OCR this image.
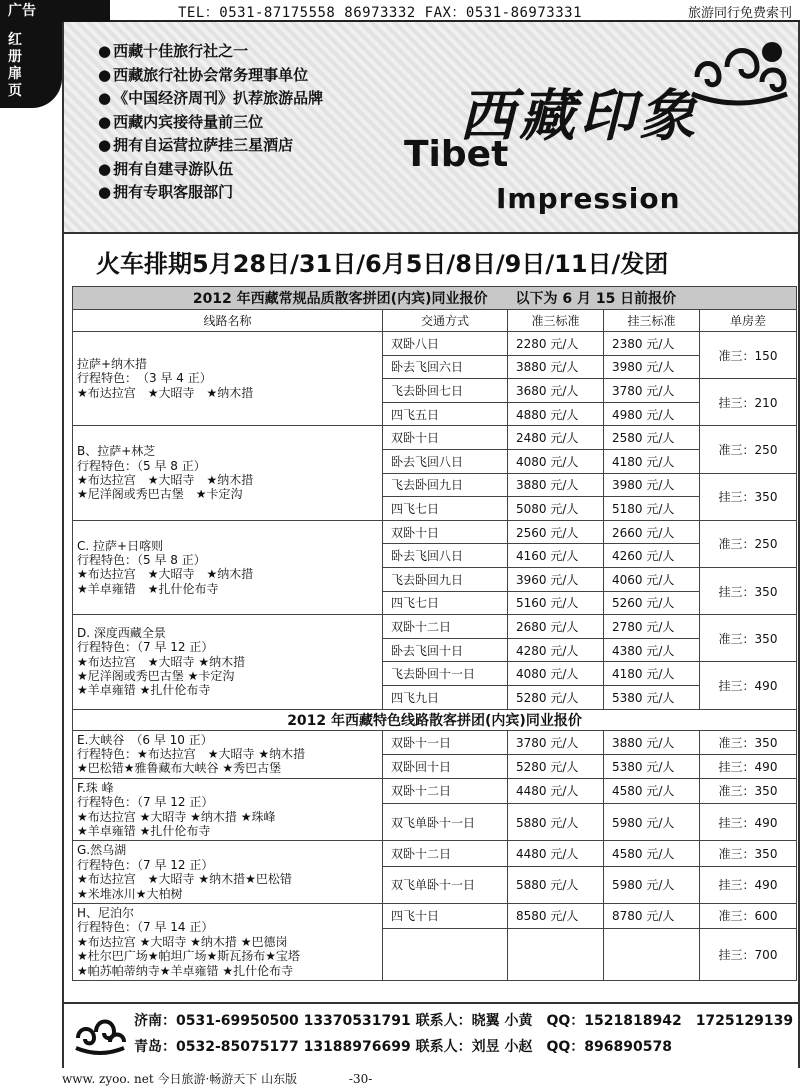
广告	TEL：0531-87175558 86973332 FAX：0531-86973331	旅游同行免费索刊
红册扉页
● 西藏十佳旅行社之一
● 西藏旅行社协会常务理事单位
● 《中国经济周刊》扒荐旅游品牌
● 西藏内宾接待量前三位
● 拥有自运营拉萨挂三星酒店
● 拥有自建寻游队伍
● 拥有专职客服部门
西藏印象
Tibet
Impression
火车排期5月28日/31日/6月5日/8日/9日/11日/发团
2012 年西藏常规品质散客拼团(内宾)同业报价　　以下为 6 月 15 日前报价				
线路名称	交通方式	准三标准	挂三标准	单房差

拉萨+纳木措
行程特色：　（3 早 4 正）
★布达拉宫　★大昭寺　★纳木措	双卧八日	2280 元/人	2380 元/人	准三：150
	卧去飞回六日	3880 元/人	3980 元/人	
	飞去卧回七日	3680 元/人	3780 元/人	挂三：210
	四飞五日	4880 元/人	4980 元/人	

B、拉萨+林芝
行程特色：（5 早 8 正）
★布达拉宫　★大昭寺　★纳木措
★尼洋阁或秀巴古堡　★卡定沟	双卧十日	2480 元/人	2580 元/人	准三：250
	卧去飞回八日	4080 元/人	4180 元/人	
	飞去卧回九日	3880 元/人	3980 元/人	挂三：350
	四飞七日	5080 元/人	5180 元/人	

C. 拉萨+日喀则
行程特色：（5 早 8 正）
★布达拉宫　★大昭寺　★纳木措
★羊卓雍错　★扎什伦布寺	双卧十日	2560 元/人	2660 元/人	准三：250
	卧去飞回八日	4160 元/人	4260 元/人	
	飞去卧回九日	3960 元/人	4060 元/人	挂三：350
	四飞七日	5160 元/人	5260 元/人	

D. 深度西藏全景
行程特色：（7 早 12 正）
★布达拉宫　★大昭寺 ★纳木措
★尼洋阁或秀巴古堡 ★卡定沟
★羊卓雍错 ★扎什伦布寺	双卧十二日	2680 元/人	2780 元/人	准三：350
	卧去飞回十日	4280 元/人	4380 元/人	
	飞去卧回十一日	4080 元/人	4180 元/人	挂三：490
	四飞九日	5280 元/人	5380 元/人	
2012 年西藏特色线路散客拼团(内宾)同业报价				

E.大峡谷　（6 早 10 正）
行程特色：★布达拉宫　★大昭寺 ★纳木措
★巴松错★雅鲁藏布大峡谷 ★秀巴古堡	双卧十一日	3780 元/人	3880 元/人	准三：350
	双卧回十日	5280 元/人	5380 元/人	挂三：490

F.珠 峰
行程特色：（7 早 12 正）
★布达拉宫 ★大昭寺 ★纳木措 ★珠峰
★羊卓雍错 ★扎什伦布寺	双卧十二日	4480 元/人	4580 元/人	准三：350
	双飞单卧十一日	5880 元/人	5980 元/人	挂三：490

G.然乌湖
行程特色：（7 早 12 正）
★布达拉宫　★大昭寺 ★纳木措★巴松错
★米堆冰川★大柏树	双卧十二日	4480 元/人	4580 元/人	准三：350
	双飞单卧十一日	5880 元/人	5980 元/人	挂三：490

H、尼泊尔
行程特色：（7 早 14 正）
★布达拉宫 ★大昭寺 ★纳木措 ★巴德岗
★杜尔巴广场★帕坦广场★斯瓦扬布★宝塔
★帕苏帕蒂纳寺★羊卓雍错 ★扎什伦布寺	四飞十日	8580 元/人	8780 元/人	准三：600
				挂三：700
济南：0531-69950500 13370531791 联系人：晓翼 小黄　QQ：1521818942　1725129139
青岛：0532-85075177 13188976699 联系人：刘昱 小赵　QQ：896890578
www. zyoo. net 今日旅游·畅游天下 山东版	-30-
